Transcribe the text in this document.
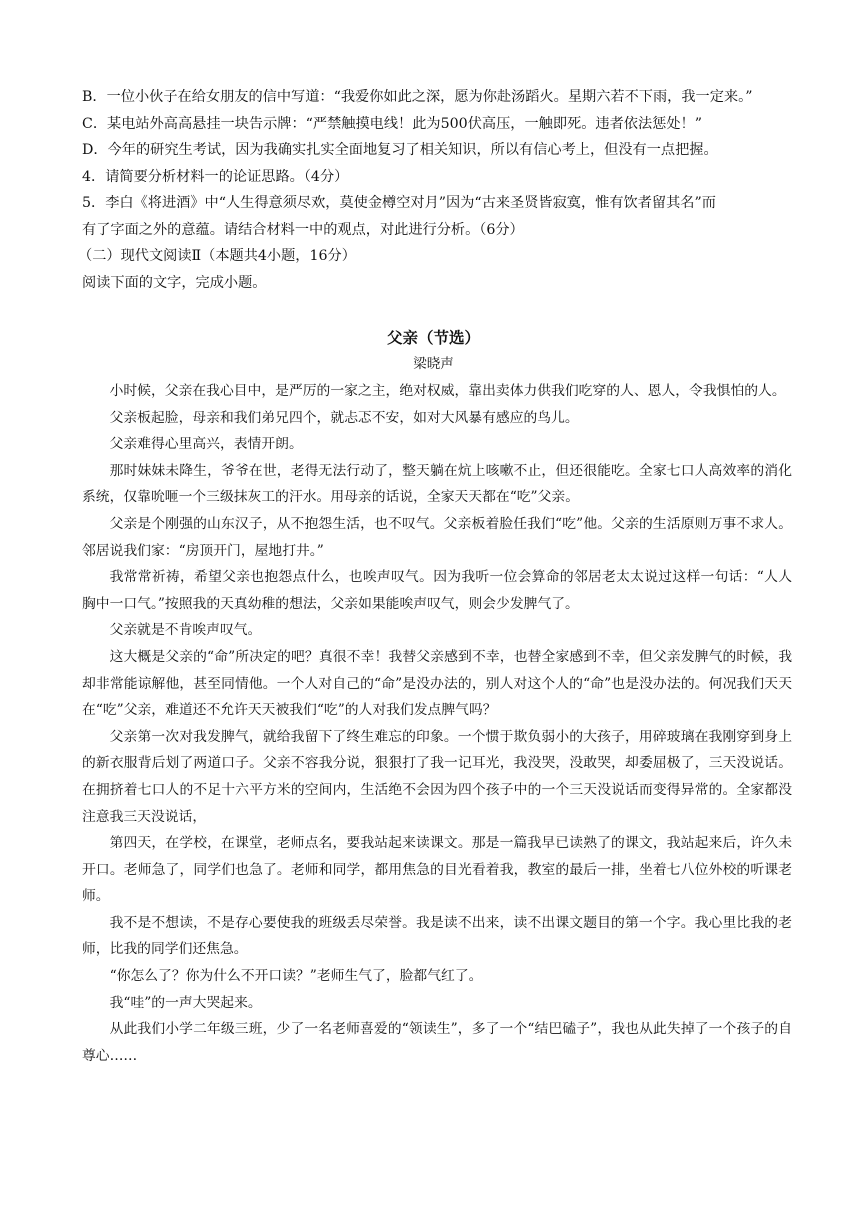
B．一位小伙子在给女朋友的信中写道：“我爱你如此之深，愿为你赴汤蹈火。星期六若不下雨，我一定来。”

C．某电站外高高悬挂一块告示牌：“严禁触摸电线！此为500伏高压，一触即死。违者依法惩处！”

D．今年的研究生考试，因为我确实扎实全面地复习了相关知识，所以有信心考上，但没有一点把握。

4．请简要分析材料一的论证思路。（4分）

5．李白《将进酒》中“人生得意须尽欢，莫使金樽空对月”因为“古来圣贤皆寂寞，惟有饮者留其名”而

有了字面之外的意蕴。请结合材料一中的观点，对此进行分析。（6分）

（二）现代文阅读Ⅱ（本题共4小题，16分）

阅读下面的文字，完成小题。

父亲（节选）
梁晓声

小时候，父亲在我心目中，是严厉的一家之主，绝对权威，靠出卖体力供我们吃穿的人、恩人，令我惧怕的人。

父亲板起脸，母亲和我们弟兄四个，就忐忑不安，如对大风暴有感应的鸟儿。

父亲难得心里高兴，表情开朗。

那时妹妹未降生，爷爷在世，老得无法行动了，整天躺在炕上咳嗽不止，但还很能吃。全家七口人高效率的消化系统，仅靠吮咂一个三级抹灰工的汗水。用母亲的话说，全家天天都在“吃”父亲。

父亲是个刚强的山东汉子，从不抱怨生活，也不叹气。父亲板着脸任我们“吃”他。父亲的生活原则万事不求人。邻居说我们家：“房顶开门，屋地打井。”

我常常祈祷，希望父亲也抱怨点什么，也唉声叹气。因为我听一位会算命的邻居老太太说过这样一句话：“人人胸中一口气。”按照我的天真幼稚的想法，父亲如果能唉声叹气，则会少发脾气了。

父亲就是不肯唉声叹气。

这大概是父亲的“命”所决定的吧？真很不幸！我替父亲感到不幸，也替全家感到不幸，但父亲发脾气的时候，我却非常能谅解他，甚至同情他。一个人对自己的“命”是没办法的，别人对这个人的“命”也是没办法的。何况我们天天在“吃”父亲，难道还不允许天天被我们“吃”的人对我们发点脾气吗？

父亲第一次对我发脾气，就给我留下了终生难忘的印象。一个惯于欺负弱小的大孩子，用碎玻璃在我刚穿到身上的新衣服背后划了两道口子。父亲不容我分说，狠狠打了我一记耳光，我没哭，没敢哭，却委屈极了，三天没说话。在拥挤着七口人的不足十六平方米的空间内，生活绝不会因为四个孩子中的一个三天没说话而变得异常的。全家都没注意我三天没说话，

第四天，在学校，在课堂，老师点名，要我站起来读课文。那是一篇我早已读熟了的课文，我站起来后，许久未开口。老师急了，同学们也急了。老师和同学，都用焦急的目光看着我，教室的最后一排，坐着七八位外校的听课老师。

我不是不想读，不是存心要使我的班级丢尽荣誉。我是读不出来，读不出课文题目的第一个字。我心里比我的老师，比我的同学们还焦急。

“你怎么了？你为什么不开口读？”老师生气了，脸都气红了。

我“哇”的一声大哭起来。

从此我们小学二年级三班，少了一名老师喜爱的“领读生”，多了一个“结巴磕子”，我也从此失掉了一个孩子的自尊心……
